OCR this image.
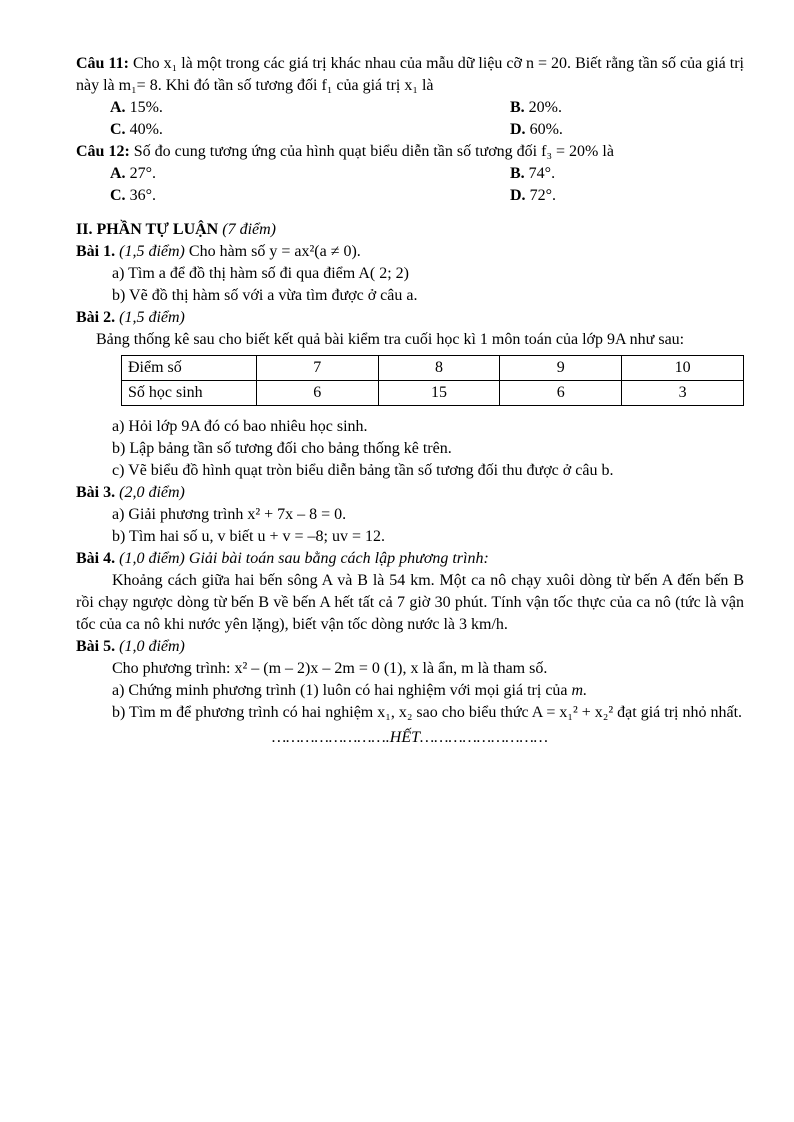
Câu 11: Cho x₁ là một trong các giá trị khác nhau của mẫu dữ liệu cỡ n = 20. Biết rằng tần số của giá trị này là m₁= 8. Khi đó tần số tương đối f₁ của giá trị x₁ là
A. 15%.	B. 20%.
C. 40%.	D. 60%.
Câu 12: Số đo cung tương ứng của hình quạt biểu diễn tần số tương đối f₃ = 20% là
A. 27°.	B. 74°.
C. 36°.	D. 72°.
II. PHẦN TỰ LUẬN (7 điểm)
Bài 1. (1,5 điểm) Cho hàm số y = ax²(a ≠ 0).
a) Tìm a để đồ thị hàm số đi qua điểm A( 2; 2)
b) Vẽ đồ thị hàm số với a vừa tìm được ở câu a.
Bài 2. (1,5 điểm)
Bảng thống kê sau cho biết kết quả bài kiểm tra cuối học kì 1 môn toán của lớp 9A như sau:
Điểm số	7	8	9	10
Số học sinh	6	15	6	3
a) Hỏi lớp 9A đó có bao nhiêu học sinh.
b) Lập bảng tần số tương đối cho bảng thống kê trên.
c) Vẽ biểu đồ hình quạt tròn biểu diễn bảng tần số tương đối thu được ở câu b.
Bài 3. (2,0 điểm)
a) Giải phương trình x² + 7x – 8 = 0.
b) Tìm hai số u, v biết u + v = –8; uv = 12.
Bài 4. (1,0 điểm) Giải bài toán sau bằng cách lập phương trình:
Khoảng cách giữa hai bến sông A và B là 54 km. Một ca nô chạy xuôi dòng từ bến A đến bến B rồi chạy ngược dòng từ bến B về bến A hết tất cả 7 giờ 30 phút. Tính vận tốc thực của ca nô (tức là vận tốc của ca nô khi nước yên lặng), biết vận tốc dòng nước là 3 km/h.
Bài 5. (1,0 điểm)
Cho phương trình: x² – (m – 2)x – 2m = 0 (1), x là ẩn, m là tham số.
a) Chứng minh phương trình (1) luôn có hai nghiệm với mọi giá trị của m.
b) Tìm m để phương trình có hai nghiệm x₁, x₂ sao cho biểu thức A = x₁² + x₂² đạt giá trị nhỏ nhất.
…………………….HẾT………………………
